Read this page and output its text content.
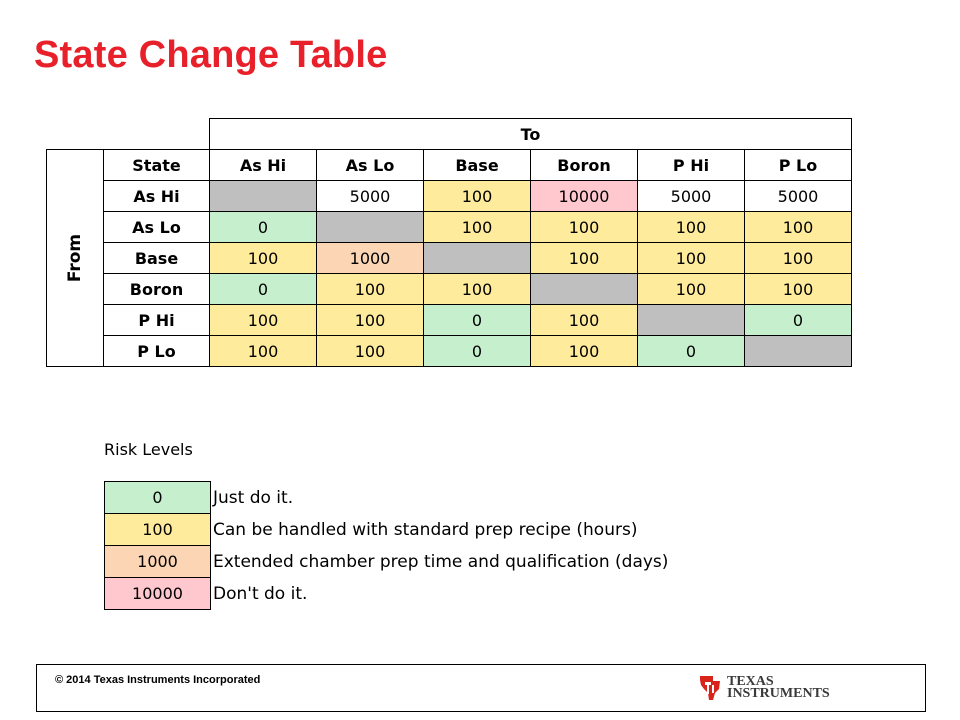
State Change Table
		To					

From	State	As Hi	As Lo	Base	Boron	P Hi	P Lo
	As Hi		5000	100	10000	5000	5000

	As Lo	0		100	100	100	100

	Base	100	1000		100	100	100

	Boron	0	100	100		100	100

	P Hi	100	100	0	100		0

	P Lo	100	100	0	100	0	

Risk Levels

0	Just do it.
100	Can be handled with standard prep recipe (hours)
1000	Extended chamber prep time and qualification (days)
10000	Don't do it.
© 2014 Texas Instruments Incorporated	TEXAS
INSTRUMENTS
